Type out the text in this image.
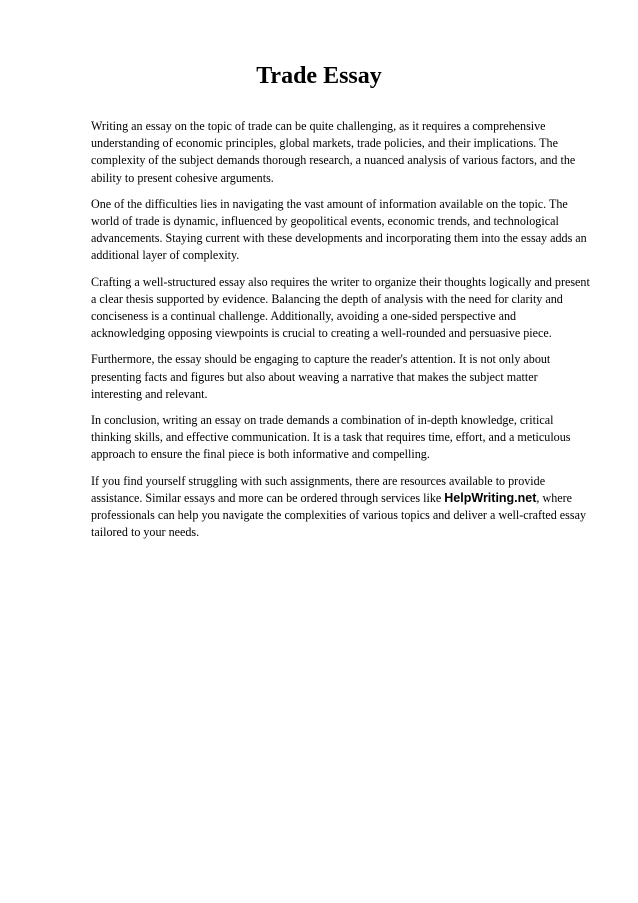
Trade Essay

Writing an essay on the topic of trade can be quite challenging, as it requires a comprehensive understanding of economic principles, global markets, trade policies, and their implications. The complexity of the subject demands thorough research, a nuanced analysis of various factors, and the ability to present cohesive arguments.

One of the difficulties lies in navigating the vast amount of information available on the topic. The world of trade is dynamic, influenced by geopolitical events, economic trends, and technological advancements. Staying current with these developments and incorporating them into the essay adds an additional layer of complexity.

Crafting a well-structured essay also requires the writer to organize their thoughts logically and present a clear thesis supported by evidence. Balancing the depth of analysis with the need for clarity and conciseness is a continual challenge. Additionally, avoiding a one-sided perspective and acknowledging opposing viewpoints is crucial to creating a well-rounded and persuasive piece.

Furthermore, the essay should be engaging to capture the reader's attention. It is not only about presenting facts and figures but also about weaving a narrative that makes the subject matter interesting and relevant.

In conclusion, writing an essay on trade demands a combination of in-depth knowledge, critical thinking skills, and effective communication. It is a task that requires time, effort, and a meticulous approach to ensure the final piece is both informative and compelling.

If you find yourself struggling with such assignments, there are resources available to provide assistance. Similar essays and more can be ordered through services like HelpWriting.net, where professionals can help you navigate the complexities of various topics and deliver a well-crafted essay tailored to your needs.
